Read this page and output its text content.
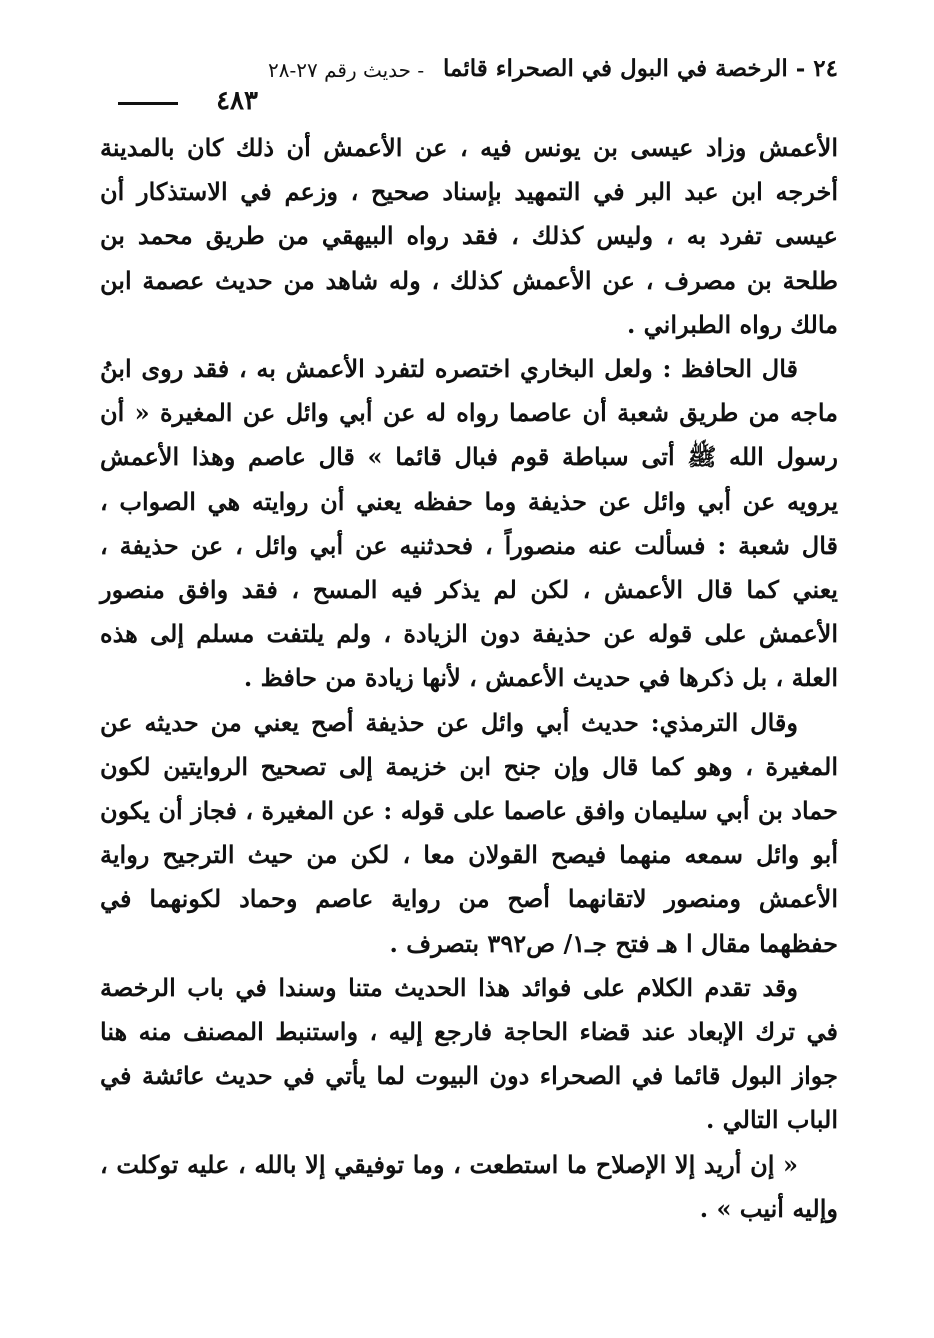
٢٤ - الرخصة في البول في الصحراء قائما
- حديث رقم ٢٧-٢٨
٤٨٣

الأعمش وزاد عيسى بن يونس فيه ، عن الأعمش أن ذلك كان بالمدينة أخرجه ابن عبد البر في التمهيد بإسناد صحيح ، وزعم في الاستذكار أن عيسى تفرد به ، وليس كذلك ، فقد رواه البيهقي من طريق محمد بن طلحة بن مصرف ، عن الأعمش كذلك ، وله شاهد من حديث عصمة ابن مالك رواه الطبراني .

قال الحافظ : ولعل البخاري اختصره لتفرد الأعمش به ، فقد روى ابنُ ماجه من طريق شعبة أن عاصما رواه له عن أبي وائل عن المغيرة « أن رسول الله ﷺ أتى سباطة قوم فبال قائما » قال عاصم وهذا الأعمش يرويه عن أبي وائل عن حذيفة وما حفظه يعني أن روايته هي الصواب ، قال شعبة : فسألت عنه منصوراً ، فحدثنيه عن أبي وائل ، عن حذيفة ، يعني كما قال الأعمش ، لكن لم يذكر فيه المسح ، فقد وافق منصور الأعمش على قوله عن حذيفة دون الزيادة ، ولم يلتفت مسلم إلى هذه العلة ، بل ذكرها في حديث الأعمش ، لأنها زيادة من حافظ .

وقال الترمذي: حديث أبي وائل عن حذيفة أصح يعني من حديثه عن المغيرة ، وهو كما قال وإن جنح ابن خزيمة إلى تصحيح الروايتين لكون حماد بن أبي سليمان وافق عاصما على قوله : عن المغيرة ، فجاز أن يكون أبو وائل سمعه منهما فيصح القولان معا ، لكن من حيث الترجيح رواية الأعمش ومنصور لاتقانهما أصح من رواية عاصم وحماد لكونهما في حفظهما مقال ا هـ فتح جـ١/ ص٣٩٢ بتصرف .

وقد تقدم الكلام على فوائد هذا الحديث متنا وسندا في باب الرخصة في ترك الإبعاد عند قضاء الحاجة فارجع إليه ، واستنبط المصنف منه هنا جواز البول قائما في الصحراء دون البيوت لما يأتي في حديث عائشة في الباب التالي .

« إن أريد إلا الإصلاح ما استطعت ، وما توفيقي إلا بالله ، عليه توكلت ، وإليه أنيب » .
